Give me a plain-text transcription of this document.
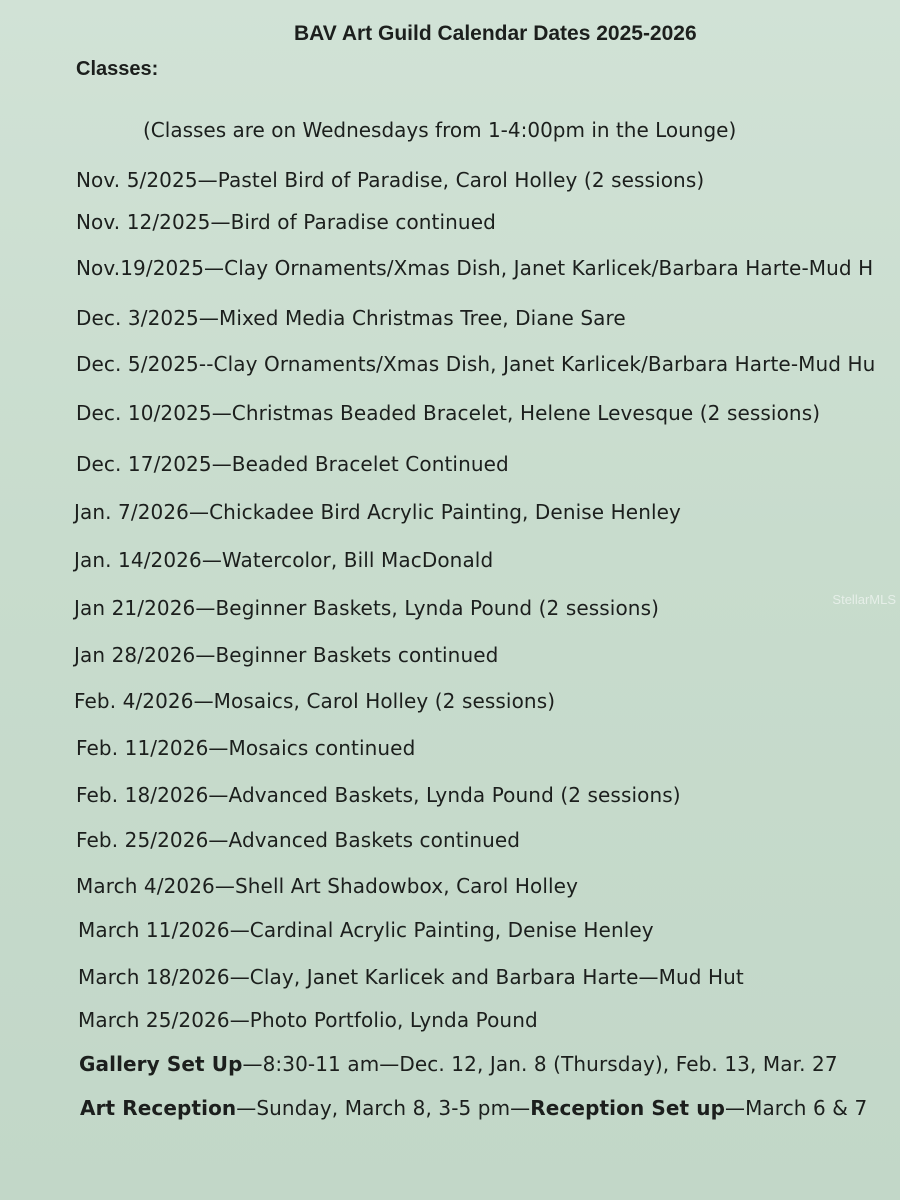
BAV Art Guild Calendar Dates 2025-2026
Classes:
(Classes are on Wednesdays from 1-4:00pm in the Lounge)
Nov. 5/2025—Pastel Bird of Paradise, Carol Holley (2 sessions)
Nov. 12/2025—Bird of Paradise continued
Nov.19/2025—Clay Ornaments/Xmas Dish, Janet Karlicek/Barbara Harte-Mud H
Dec. 3/2025—Mixed Media Christmas Tree, Diane Sare
Dec. 5/2025--Clay Ornaments/Xmas Dish, Janet Karlicek/Barbara Harte-Mud Hu
Dec. 10/2025—Christmas Beaded Bracelet, Helene Levesque (2 sessions)
Dec. 17/2025—Beaded Bracelet Continued
Jan. 7/2026—Chickadee Bird Acrylic Painting, Denise Henley
Jan. 14/2026—Watercolor, Bill MacDonald
Jan 21/2026—Beginner Baskets, Lynda Pound (2 sessions)
Jan 28/2026—Beginner Baskets continued
Feb. 4/2026—Mosaics, Carol Holley (2 sessions)
Feb. 11/2026—Mosaics continued
Feb. 18/2026—Advanced Baskets, Lynda Pound (2 sessions)
Feb. 25/2026—Advanced Baskets continued
March 4/2026—Shell Art Shadowbox, Carol Holley
March 11/2026—Cardinal Acrylic Painting, Denise Henley
March 18/2026—Clay, Janet Karlicek and Barbara Harte—Mud Hut
March 25/2026—Photo Portfolio, Lynda Pound
Gallery Set Up—8:30-11 am—Dec. 12, Jan. 8 (Thursday), Feb. 13, Mar. 27
Art Reception—Sunday, March 8, 3-5 pm—Reception Set up—March 6 & 7
StellarMLS
